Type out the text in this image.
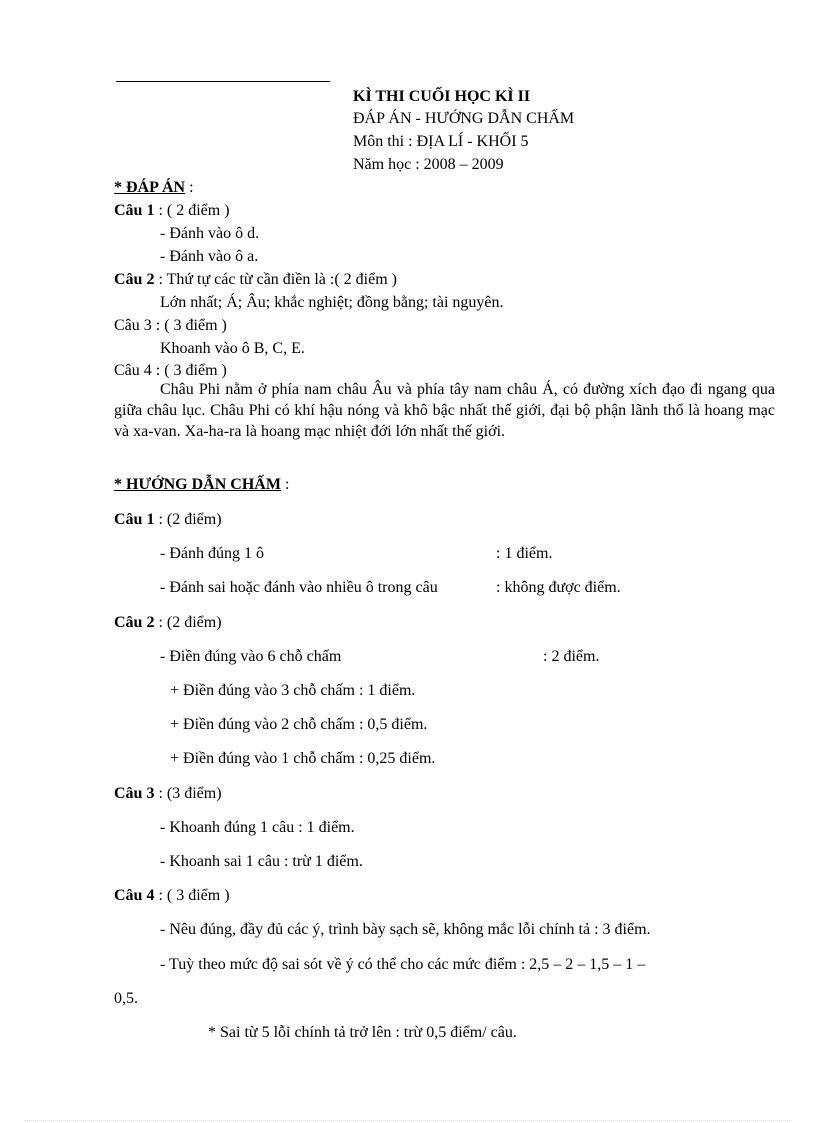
KÌ THI CUỐI HỌC KÌ II
ĐÁP ÁN - HƯỚNG DẪN CHẤM
Môn thi : ĐỊA LÍ - KHỐI 5
Năm học : 2008 – 2009
* ĐÁP ÁN :
Câu 1 : ( 2 điểm )
- Đánh vào ô d.
- Đánh vào ô a.
Câu 2 : Thứ tự các từ cần điền là :( 2 điểm )
Lớn nhất; Á; Âu; khắc nghiệt; đồng bằng; tài nguyên.
Câu 3 : ( 3 điểm )
Khoanh vào ô B, C, E.
Câu 4 : ( 3 điểm )
Châu Phi nằm ở phía nam châu Âu và phía tây nam châu Á, có đường xích đạo đi ngang qua giữa châu lục. Châu Phi có khí hậu nóng và khô bậc nhất thế giới, đại bộ phận lãnh thổ là hoang mạc và xa-van. Xa-ha-ra là hoang mạc nhiệt đới lớn nhất thế giới.
* HƯỚNG DẪN CHẤM :
Câu 1 : (2 điểm)
- Đánh đúng 1 ô	: 1 điểm.
- Đánh sai hoặc đánh vào nhiều ô trong câu	: không được điểm.
Câu 2 : (2 điểm)
- Điền đúng vào 6 chỗ chấm	: 2 điểm.
+ Điền đúng vào 3 chỗ chấm : 1 điểm.
+ Điền đúng vào 2 chỗ chấm : 0,5 điểm.
+ Điền đúng vào 1 chỗ chấm : 0,25 điểm.
Câu 3 : (3 điểm)
- Khoanh đúng 1 câu : 1 điểm.
- Khoanh sai 1 câu : trừ 1 điểm.
Câu 4 : ( 3 điểm )
- Nêu đúng, đầy đủ các ý, trình bày sạch sẽ, không mắc lỗi chính tả : 3 điểm.
- Tuỳ theo mức độ sai sót về ý có thể cho các mức điểm : 2,5 – 2 – 1,5 – 1 –
0,5.
* Sai từ 5 lỗi chính tả trở lên : trừ 0,5 điểm/ câu.
